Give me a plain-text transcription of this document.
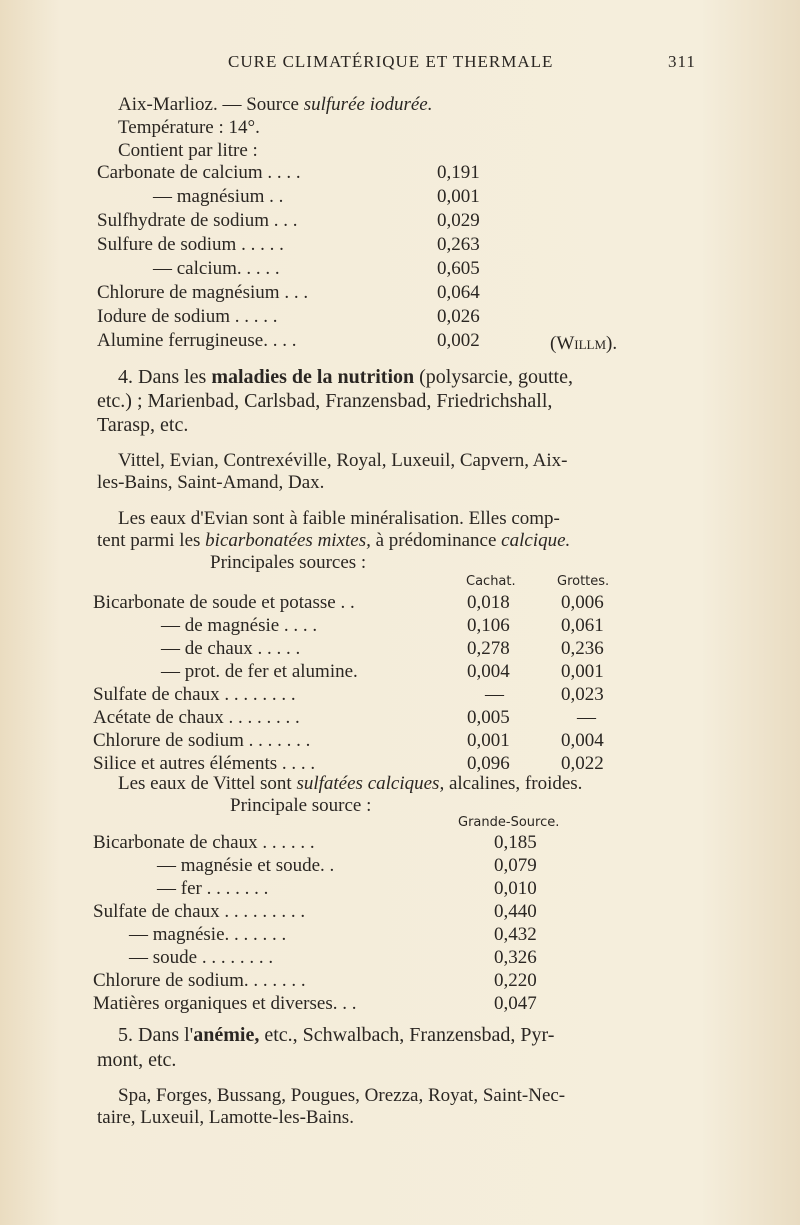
CURE CLIMATÉRIQUE ET THERMALE	311
Aix-Marlioz. — Source sulfurée iodurée.
Température : 14°.
Contient par litre :
Carbonate de calcium . . . .	0,191
— magnésium . .	0,001
Sulfhydrate de sodium . . .	0,029
Sulfure de sodium . . . . .	0,263
— calcium. . . . .	0,605
Chlorure de magnésium . . .	0,064
Iodure de sodium . . . . .	0,026
Alumine ferrugineuse. . . .	0,002	(Willm).
4. Dans les maladies de la nutrition (polysarcie, goutte,
etc.) ; Marienbad, Carlsbad, Franzensbad, Friedrichshall,
Tarasp, etc.
Vittel, Evian, Contrexéville, Royal, Luxeuil, Capvern, Aix-
les-Bains, Saint-Amand, Dax.
Les eaux d'Evian sont à faible minéralisation. Elles comp-
tent parmi les bicarbonatées mixtes, à prédominance calcique.
Principales sources :
Cachat.	Grottes.
Bicarbonate de soude et potasse . .	0,018	0,006
— de magnésie . . . .	0,106	0,061
— de chaux . . . . .	0,278	0,236
— prot. de fer et alumine.	0,004	0,001
Sulfate de chaux . . . . . . . .	—	0,023
Acétate de chaux . . . . . . . .	0,005	—
Chlorure de sodium . . . . . . .	0,001	0,004
Silice et autres éléments . . . .	0,096	0,022
Les eaux de Vittel sont sulfatées calciques, alcalines, froides.
Principale source :
Grande-Source.
Bicarbonate de chaux . . . . . .	0,185
— magnésie et soude. .	0,079
— fer . . . . . . .	0,010
Sulfate de chaux . . . . . . . . .	0,440
— magnésie. . . . . . .	0,432
— soude . . . . . . . .	0,326
Chlorure de sodium. . . . . . .	0,220
Matières organiques et diverses. . .	0,047
5. Dans l'anémie, etc., Schwalbach, Franzensbad, Pyr-
mont, etc.
Spa, Forges, Bussang, Pougues, Orezza, Royat, Saint-Nec-
taire, Luxeuil, Lamotte-les-Bains.
